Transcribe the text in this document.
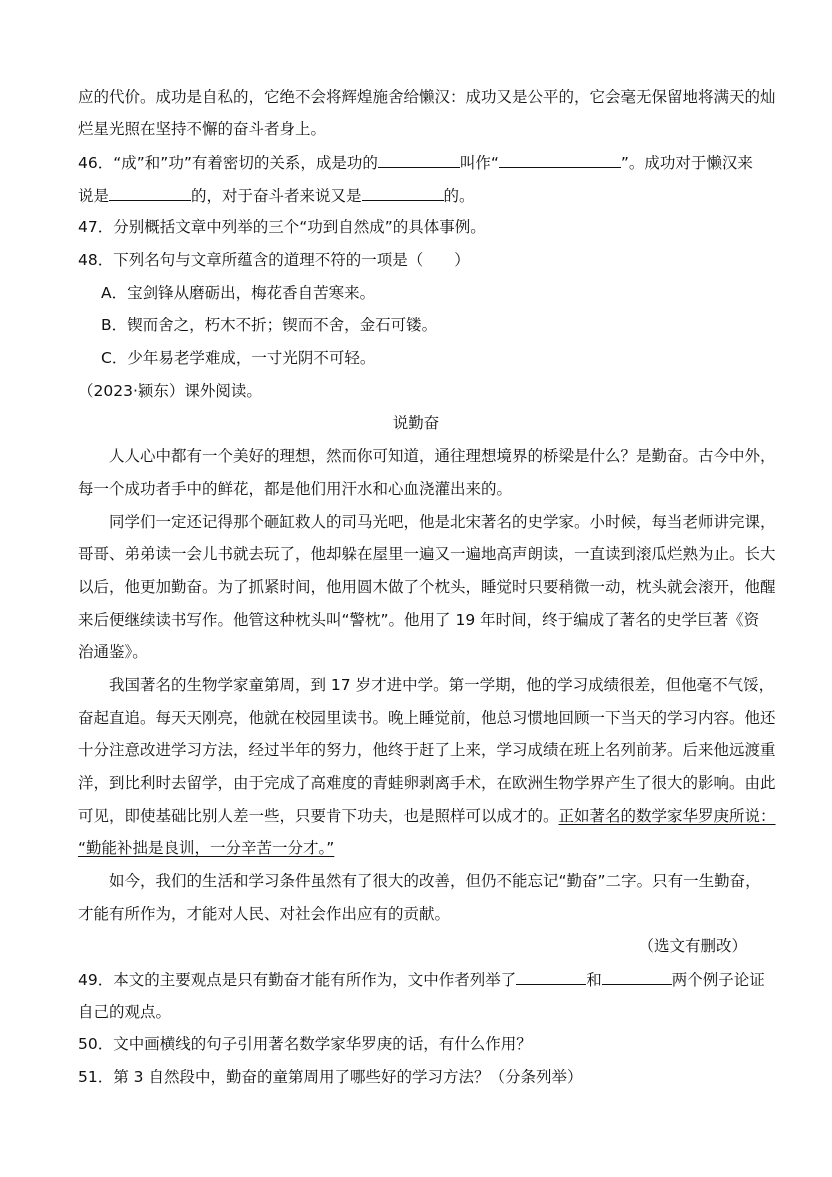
应的代价。成功是自私的，它绝不会将辉煌施舍给懒汉：成功又是公平的，它会毫无保留地将满天的灿
烂星光照在坚持不懈的奋斗者身上。
46．“成”和”功”有着密切的关系，成是功的	叫作“	”。成功对于懒汉来
说是	的，对于奋斗者来说又是	的。
47．分别概括文章中列举的三个“功到自然成”的具体事例。
48．下列名句与文章所蕴含的道理不符的一项是（　　）
A．宝剑锋从磨砺出，梅花香自苦寒来。
B．锲而舍之，朽木不折；锲而不舍，金石可镂。
C．少年易老学难成，一寸光阴不可轻。
（2023·颍东）课外阅读。
说勤奋
人人心中都有一个美好的理想，然而你可知道，通往理想境界的桥梁是什么？是勤奋。古今中外，
每一个成功者手中的鲜花，都是他们用汗水和心血浇灌出来的。
同学们一定还记得那个砸缸救人的司马光吧，他是北宋著名的史学家。小时候，每当老师讲完课，
哥哥、弟弟读一会儿书就去玩了，他却躲在屋里一遍又一遍地高声朗读，一直读到滚瓜烂熟为止。长大
以后，他更加勤奋。为了抓紧时间，他用圆木做了个枕头，睡觉时只要稍微一动，枕头就会滚开，他醒
来后便继续读书写作。他管这种枕头叫“警枕”。他用了 19 年时间，终于编成了著名的史学巨著《资
治通鉴》。
我国著名的生物学家童第周，到 17 岁才进中学。第一学期，他的学习成绩很差，但他毫不气馁，
奋起直追。每天天刚亮，他就在校园里读书。晚上睡觉前，他总习惯地回顾一下当天的学习内容。他还
十分注意改进学习方法，经过半年的努力，他终于赶了上来，学习成绩在班上名列前茅。后来他远渡重
洋，到比利时去留学，由于完成了高难度的青蛙卵剥离手术，在欧洲生物学界产生了很大的影响。由此
可见，即使基础比别人差一些，只要肯下功夫，也是照样可以成才的。正如著名的数学家华罗庚所说：
“勤能补拙是良训，一分辛苦一分才。”
如今，我们的生活和学习条件虽然有了很大的改善，但仍不能忘记“勤奋”二字。只有一生勤奋，
才能有所作为，才能对人民、对社会作出应有的贡献。
（选文有删改）
49．本文的主要观点是只有勤奋才能有所作为，文中作者列举了	和	两个例子论证
自己的观点。
50．文中画横线的句子引用著名数学家华罗庚的话，有什么作用？
51．第 3 自然段中，勤奋的童第周用了哪些好的学习方法？（分条列举）
